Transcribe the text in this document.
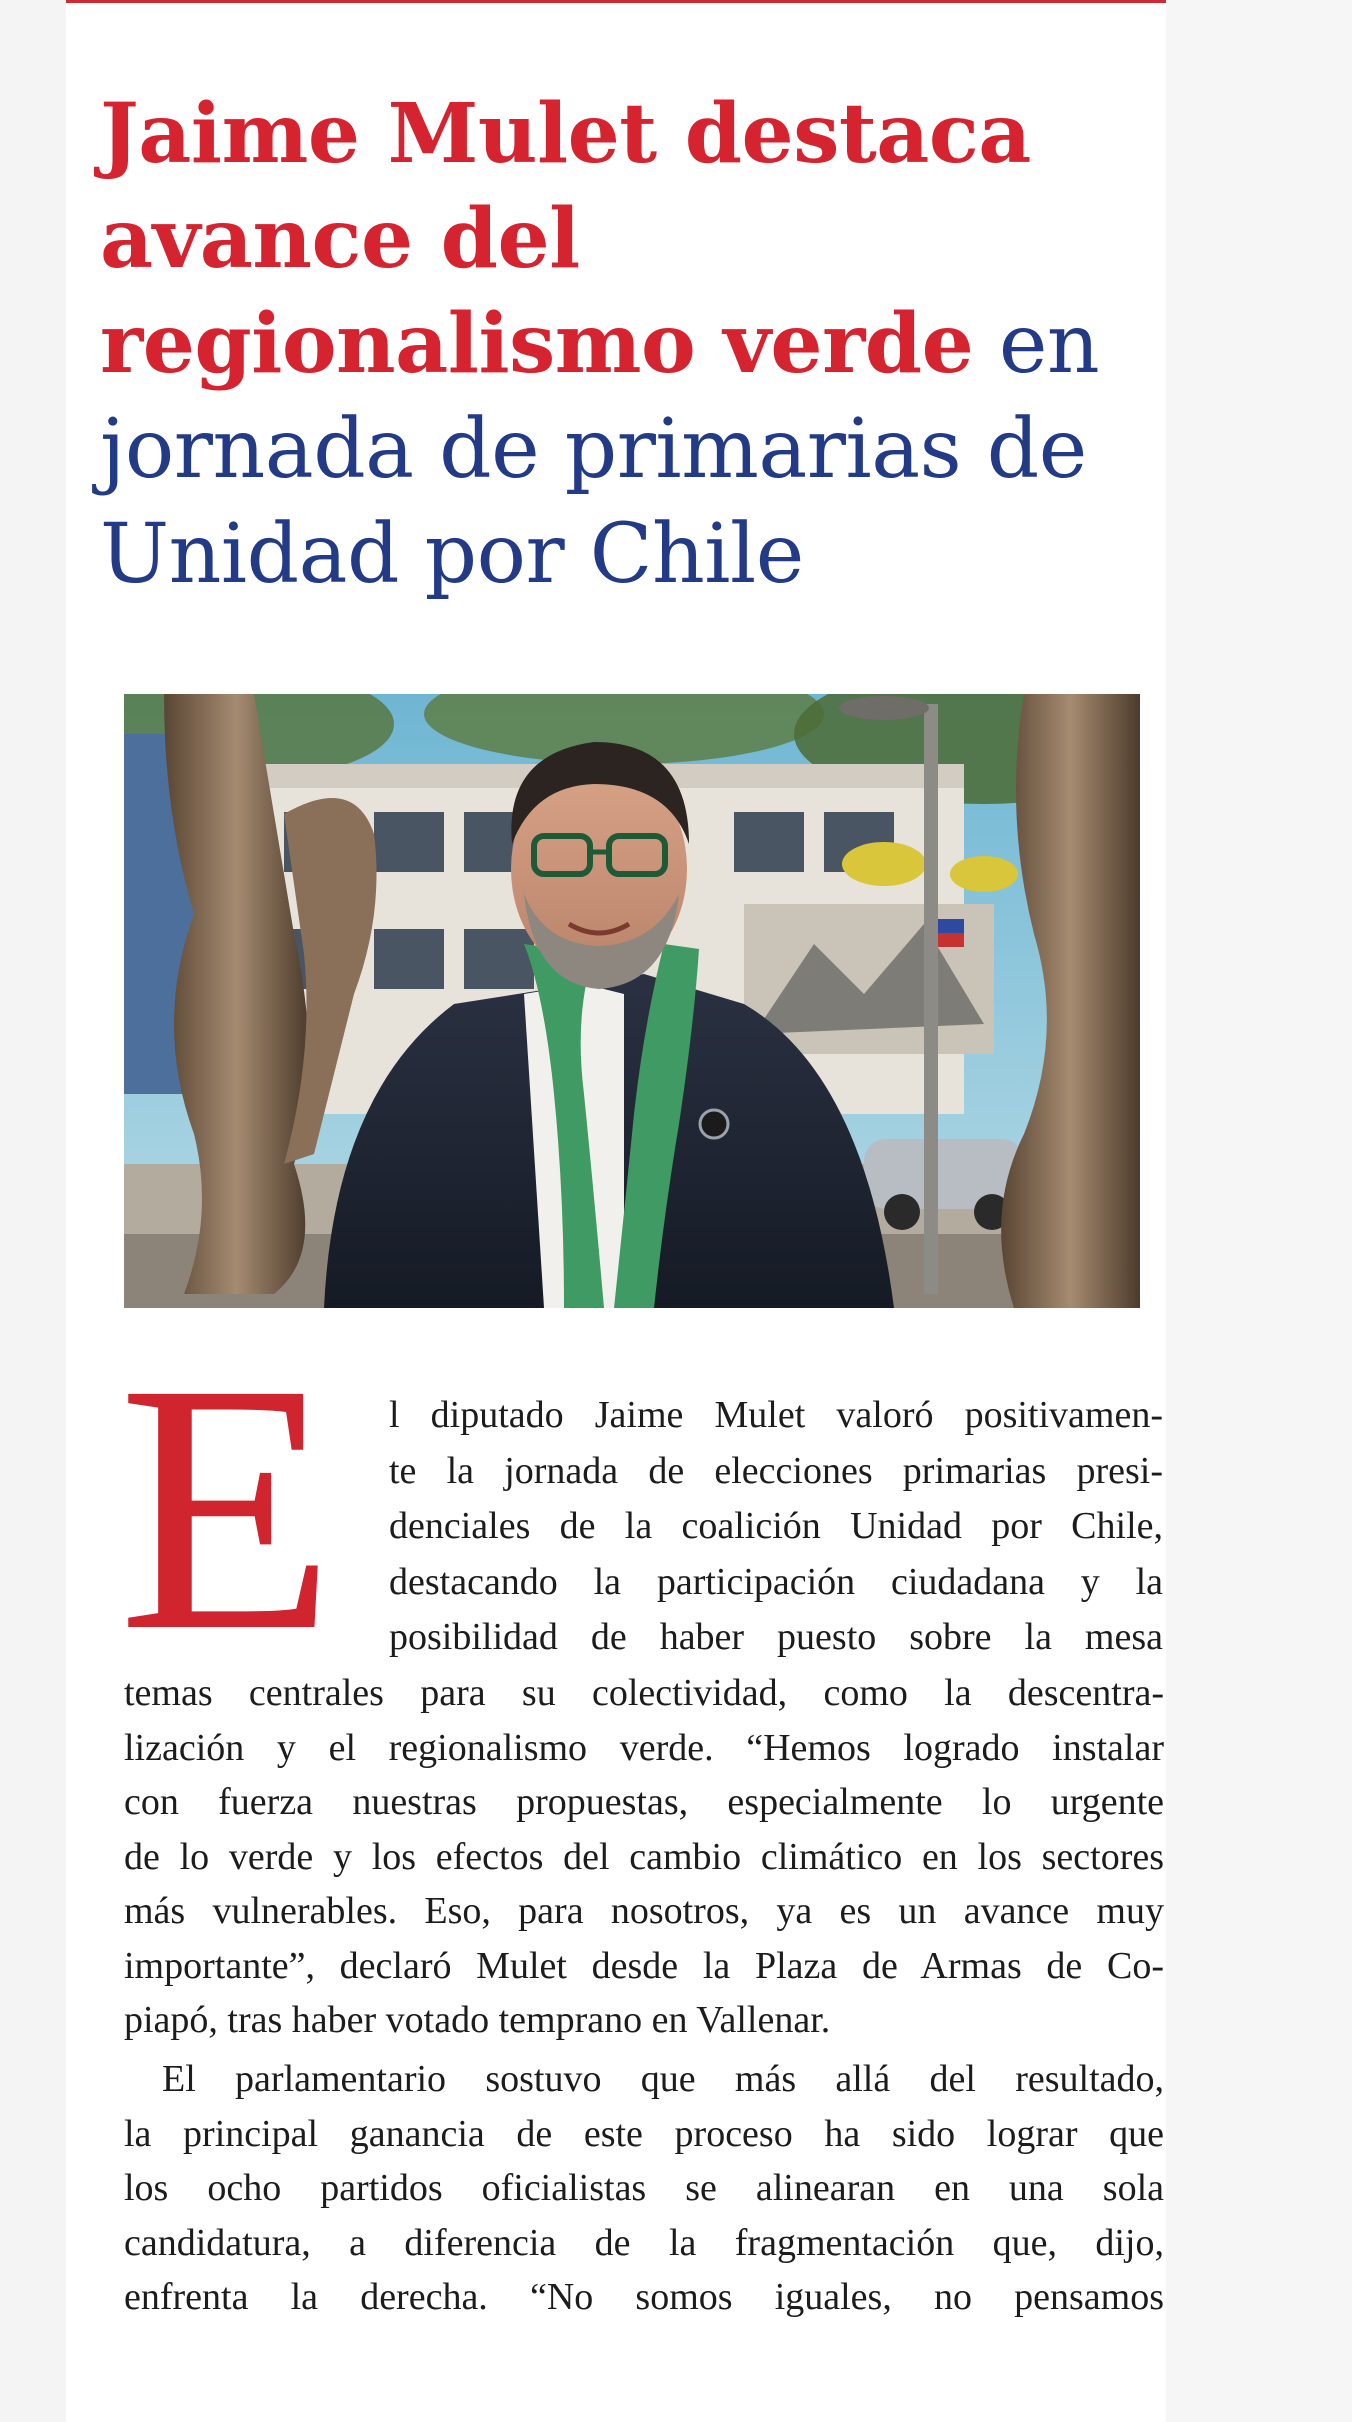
Jaime Mulet destaca avance del regionalismo verde en jornada de primarias de Unidad por Chile
E l diputado Jaime Mulet valoró positivamen-
te la jornada de elecciones primarias presi-
denciales de la coalición Unidad por Chile,
destacando la participación ciudadana y la
posibilidad de haber puesto sobre la mesa
temas centrales para su colectividad, como la descentra-
lización y el regionalismo verde. “Hemos logrado instalar
con fuerza nuestras propuestas, especialmente lo urgente
de lo verde y los efectos del cambio climático en los sectores
más vulnerables. Eso, para nosotros, ya es un avance muy
importante”, declaró Mulet desde la Plaza de Armas de Co-
piapó, tras haber votado temprano en Vallenar.
El parlamentario sostuvo que más allá del resultado,
la principal ganancia de este proceso ha sido lograr que
los ocho partidos oficialistas se alinearan en una sola
candidatura, a diferencia de la fragmentación que, dijo,
enfrenta la derecha. “No somos iguales, no pensamos
